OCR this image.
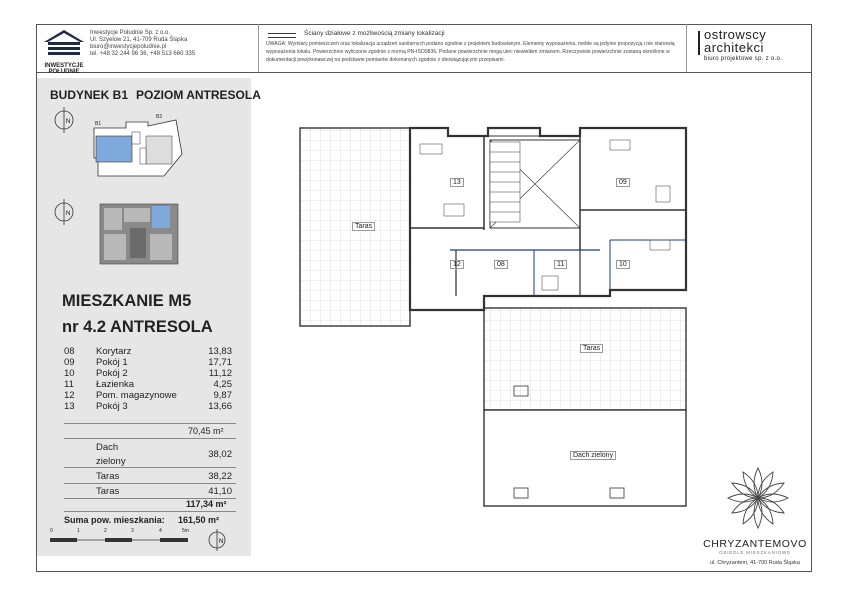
INWESTYCJE
POŁUDNIE
Inwestycje Południe Sp. z o.o.
Ul. Szyelow 21, 41-709 Ruda Śląska
biuro@inwestycjepoludnie.pl
tel. +48 32 244 96 36, +48 513 660 335
Ściany działowe z możliwością zmiany lokalizacji
UWAGA: Wymiary pomieszczeń oraz lokalizacja urządzeń sanitarnych podano zgodnie z projektem budowlanym. Elementy wyposażenia, meble są jedynie propozycją i nie stanowią
wyposażenia lokalu. Powierzchnie wyliczone zgodnie z normą PN-ISO9836. Podane powierzchnie mogą ulec niewielkim zmianom. Rzeczywiste powierzchnie zostaną określone w
dokumentacji powykonawczej na podstawie pomiarów dokonanych zgodnie z obowiązującymi przepisami.
ostrowscy
architekci
biuro projektowe sp. z o.o.
BUDYNEK B1 POZIOM ANTRESOLA
N	B1
B2
N
MIESZKANIE M5
nr 4.2 ANTRESOLA
08 Korytarz	13,83
09 Pokój 1	17,71
10 Pokój 2	11,12
11 Łazienka	4,25
12 Pom. magazynowe	9,87
13 Pokój 3	13,66
70,45 m²
Dach
zielony
38,02
Taras	38,22
Taras	41,10
117,34 m²
Suma pow. mieszkania: 161,50 m²
0	1	2	3	4	5m
N
Taras
Taras
Dach zielony
13	09
12	08	11	10
CHRYZANTEMOVO
OSIEDLE MIESZKANIOWE
ul. Chryzantem, 41-700 Ruda Śląska
